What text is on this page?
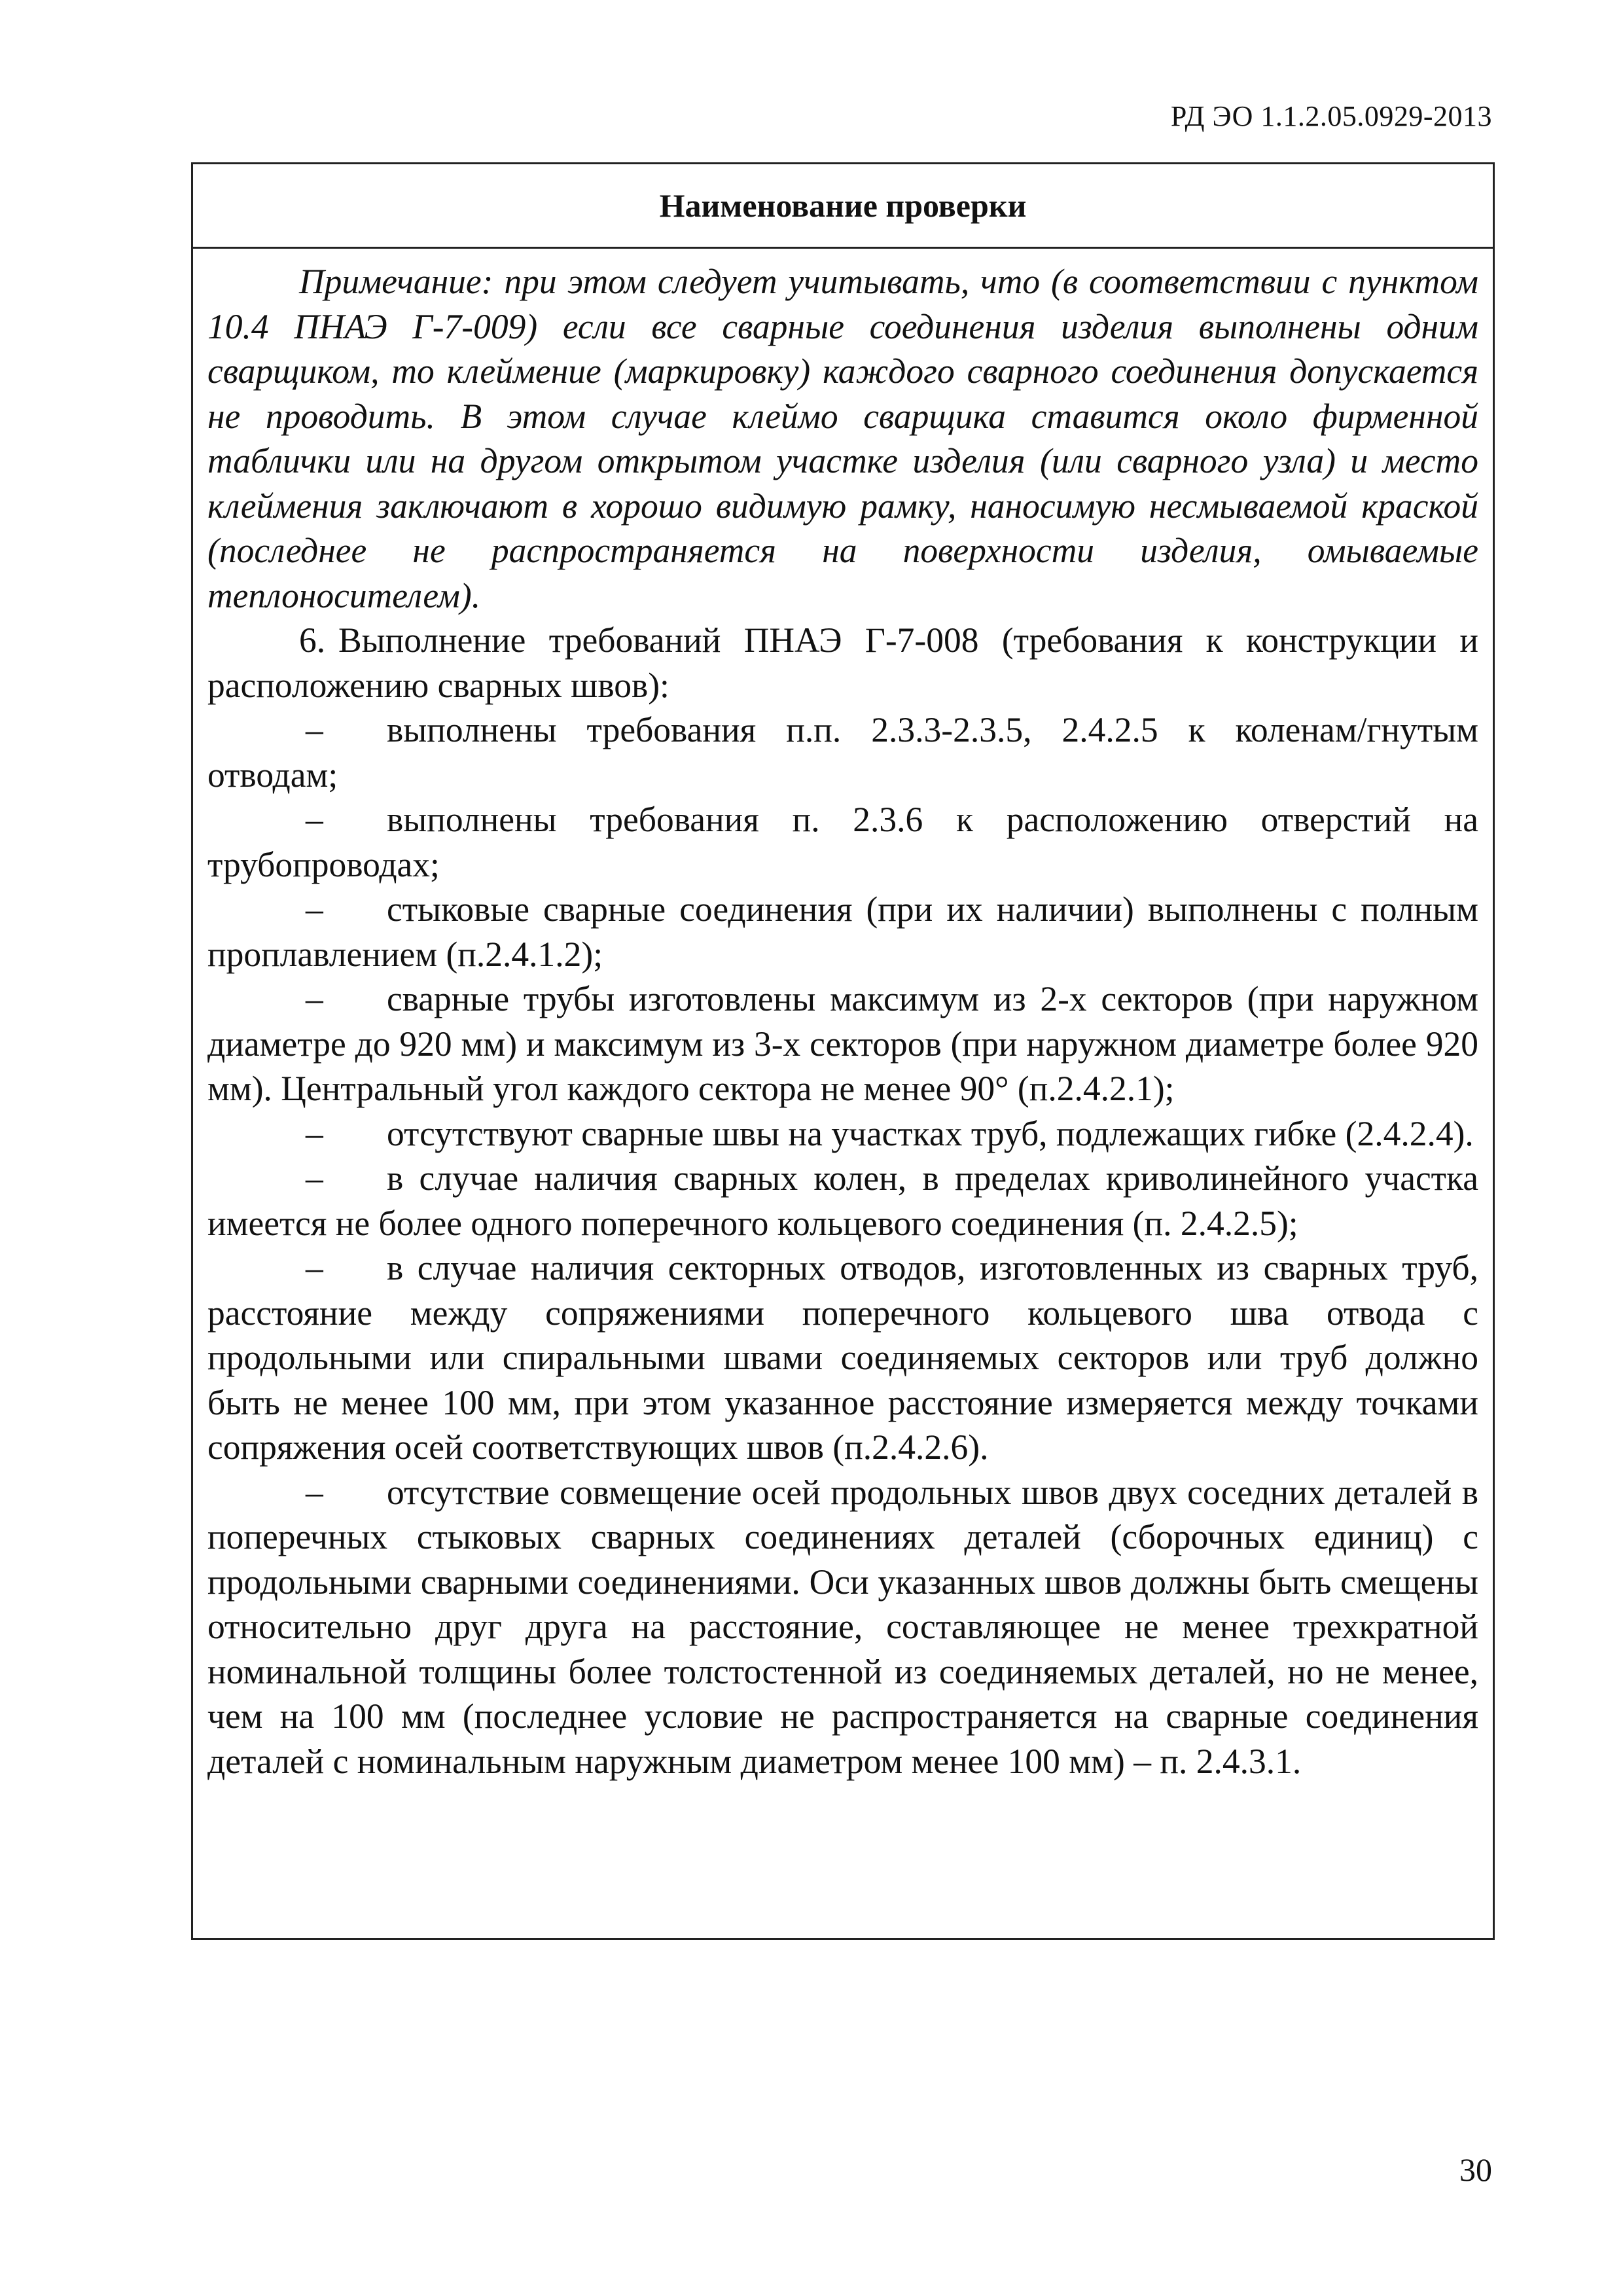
РД ЭО 1.1.2.05.0929-2013
Наименование проверки

Примечание: при этом следует учитывать, что (в соответствии с пунктом 10.4 ПНАЭ Г-7-009) если все сварные соединения изделия выполнены одним сварщиком, то клеймение (маркировку) каждого сварного соединения допускается не проводить. В этом случае клеймо сварщика ставится около фирменной таблички или на другом открытом участке изделия (или сварного узла) и место клеймения заключают в хорошо видимую рамку, наносимую несмываемой краской (последнее не распространяется на поверхности изделия, омываемые теплоносителем).

6. Выполнение требований ПНАЭ Г-7-008 (требования к конструкции и расположению сварных швов):

– выполнены требования п.п. 2.3.3-2.3.5, 2.4.2.5 к коленам/гнутым отводам;
– выполнены требования п. 2.3.6 к расположению отверстий на трубопроводах;
– стыковые сварные соединения (при их наличии) выполнены с полным проплавлением (п.2.4.1.2);
– сварные трубы изготовлены максимум из 2-х секторов (при наружном диаметре до 920 мм) и максимум из 3-х секторов (при наружном диаметре более 920 мм). Центральный угол каждого сектора не менее 90° (п.2.4.2.1);
– отсутствуют сварные швы на участках труб, подлежащих гибке (2.4.2.4).
– в случае наличия сварных колен, в пределах криволинейного участка имеется не более одного поперечного кольцевого соединения (п. 2.4.2.5);
– в случае наличия секторных отводов, изготовленных из сварных труб, расстояние между сопряжениями поперечного кольцевого шва отвода с продольными или спиральными швами соединяемых секторов или труб должно быть не менее 100 мм, при этом указанное расстояние измеряется между точками сопряжения осей соответствующих швов (п.2.4.2.6).
– отсутствие совмещение осей продольных швов двух соседних деталей в поперечных стыковых сварных соединениях деталей (сборочных единиц) с продольными сварными соединениями. Оси указанных швов должны быть смещены относительно друг друга на расстояние, составляющее не менее трехкратной номинальной толщины более толстостенной из соединяемых деталей, но не менее, чем на 100 мм (последнее условие не распространяется на сварные соединения деталей с номинальным наружным диаметром менее 100 мм) – п. 2.4.3.1.
30
